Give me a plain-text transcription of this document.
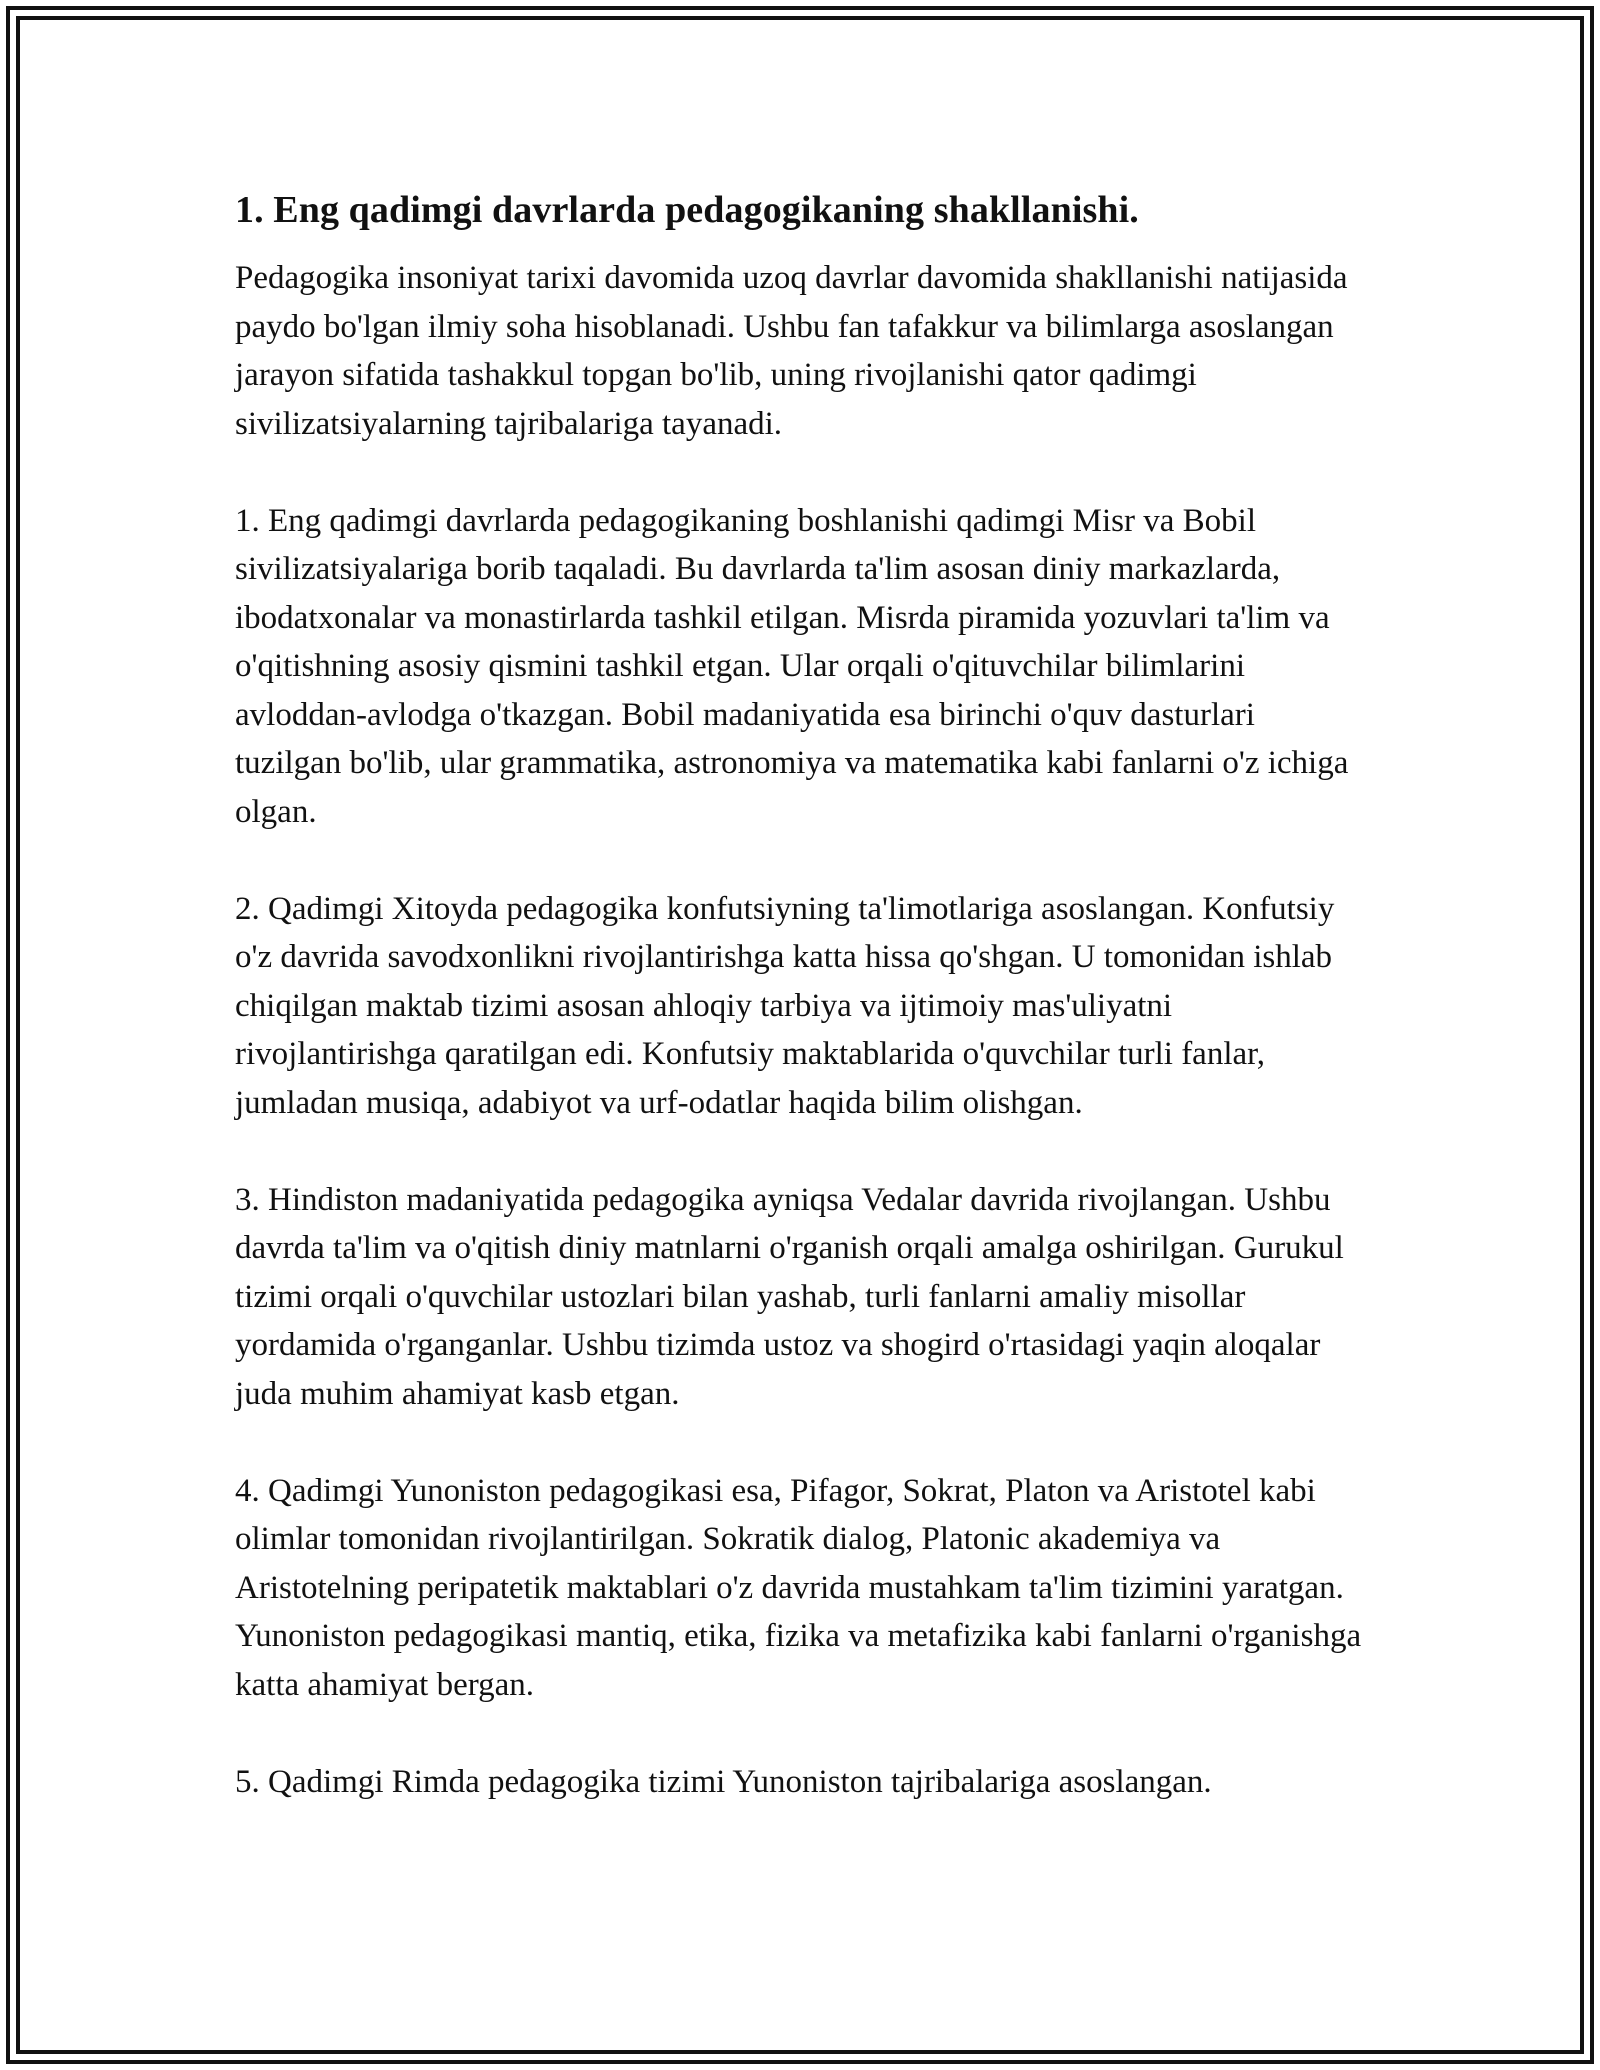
1. Eng qadimgi davrlarda pedagogikaning shakllanishi.

Pedagogika insoniyat tarixi davomida uzoq davrlar davomida shakllanishi natijasida paydo bo'lgan ilmiy soha hisoblanadi. Ushbu fan tafakkur va bilimlarga asoslangan jarayon sifatida tashakkul topgan bo'lib, uning rivojlanishi qator qadimgi sivilizatsiyalarning tajribalariga tayanadi.

1. Eng qadimgi davrlarda pedagogikaning boshlanishi qadimgi Misr va Bobil sivilizatsiyalariga borib taqaladi. Bu davrlarda ta'lim asosan diniy markazlarda, ibodatxonalar va monastirlarda tashkil etilgan. Misrda piramida yozuvlari ta'lim va o'qitishning asosiy qismini tashkil etgan. Ular orqali o'qituvchilar bilimlarini avloddan-avlodga o'tkazgan. Bobil madaniyatida esa birinchi o'quv dasturlari tuzilgan bo'lib, ular grammatika, astronomiya va matematika kabi fanlarni o'z ichiga olgan.

2. Qadimgi Xitoyda pedagogika konfutsiyning ta'limotlariga asoslangan. Konfutsiy o'z davrida savodxonlikni rivojlantirishga katta hissa qo'shgan. U tomonidan ishlab chiqilgan maktab tizimi asosan ahloqiy tarbiya va ijtimoiy mas'uliyatni rivojlantirishga qaratilgan edi. Konfutsiy maktablarida o'quvchilar turli fanlar, jumladan musiqa, adabiyot va urf-odatlar haqida bilim olishgan.

3. Hindiston madaniyatida pedagogika ayniqsa Vedalar davrida rivojlangan. Ushbu davrda ta'lim va o'qitish diniy matnlarni o'rganish orqali amalga oshirilgan. Gurukul tizimi orqali o'quvchilar ustozlari bilan yashab, turli fanlarni amaliy misollar yordamida o'rganganlar. Ushbu tizimda ustoz va shogird o'rtasidagi yaqin aloqalar juda muhim ahamiyat kasb etgan.

4. Qadimgi Yunoniston pedagogikasi esa, Pifagor, Sokrat, Platon va Aristotel kabi olimlar tomonidan rivojlantirilgan. Sokratik dialog, Platonic akademiya va Aristotelning peripatetik maktablari o'z davrida mustahkam ta'lim tizimini yaratgan. Yunoniston pedagogikasi mantiq, etika, fizika va metafizika kabi fanlarni o'rganishga katta ahamiyat bergan.

5. Qadimgi Rimda pedagogika tizimi Yunoniston tajribalariga asoslangan.
